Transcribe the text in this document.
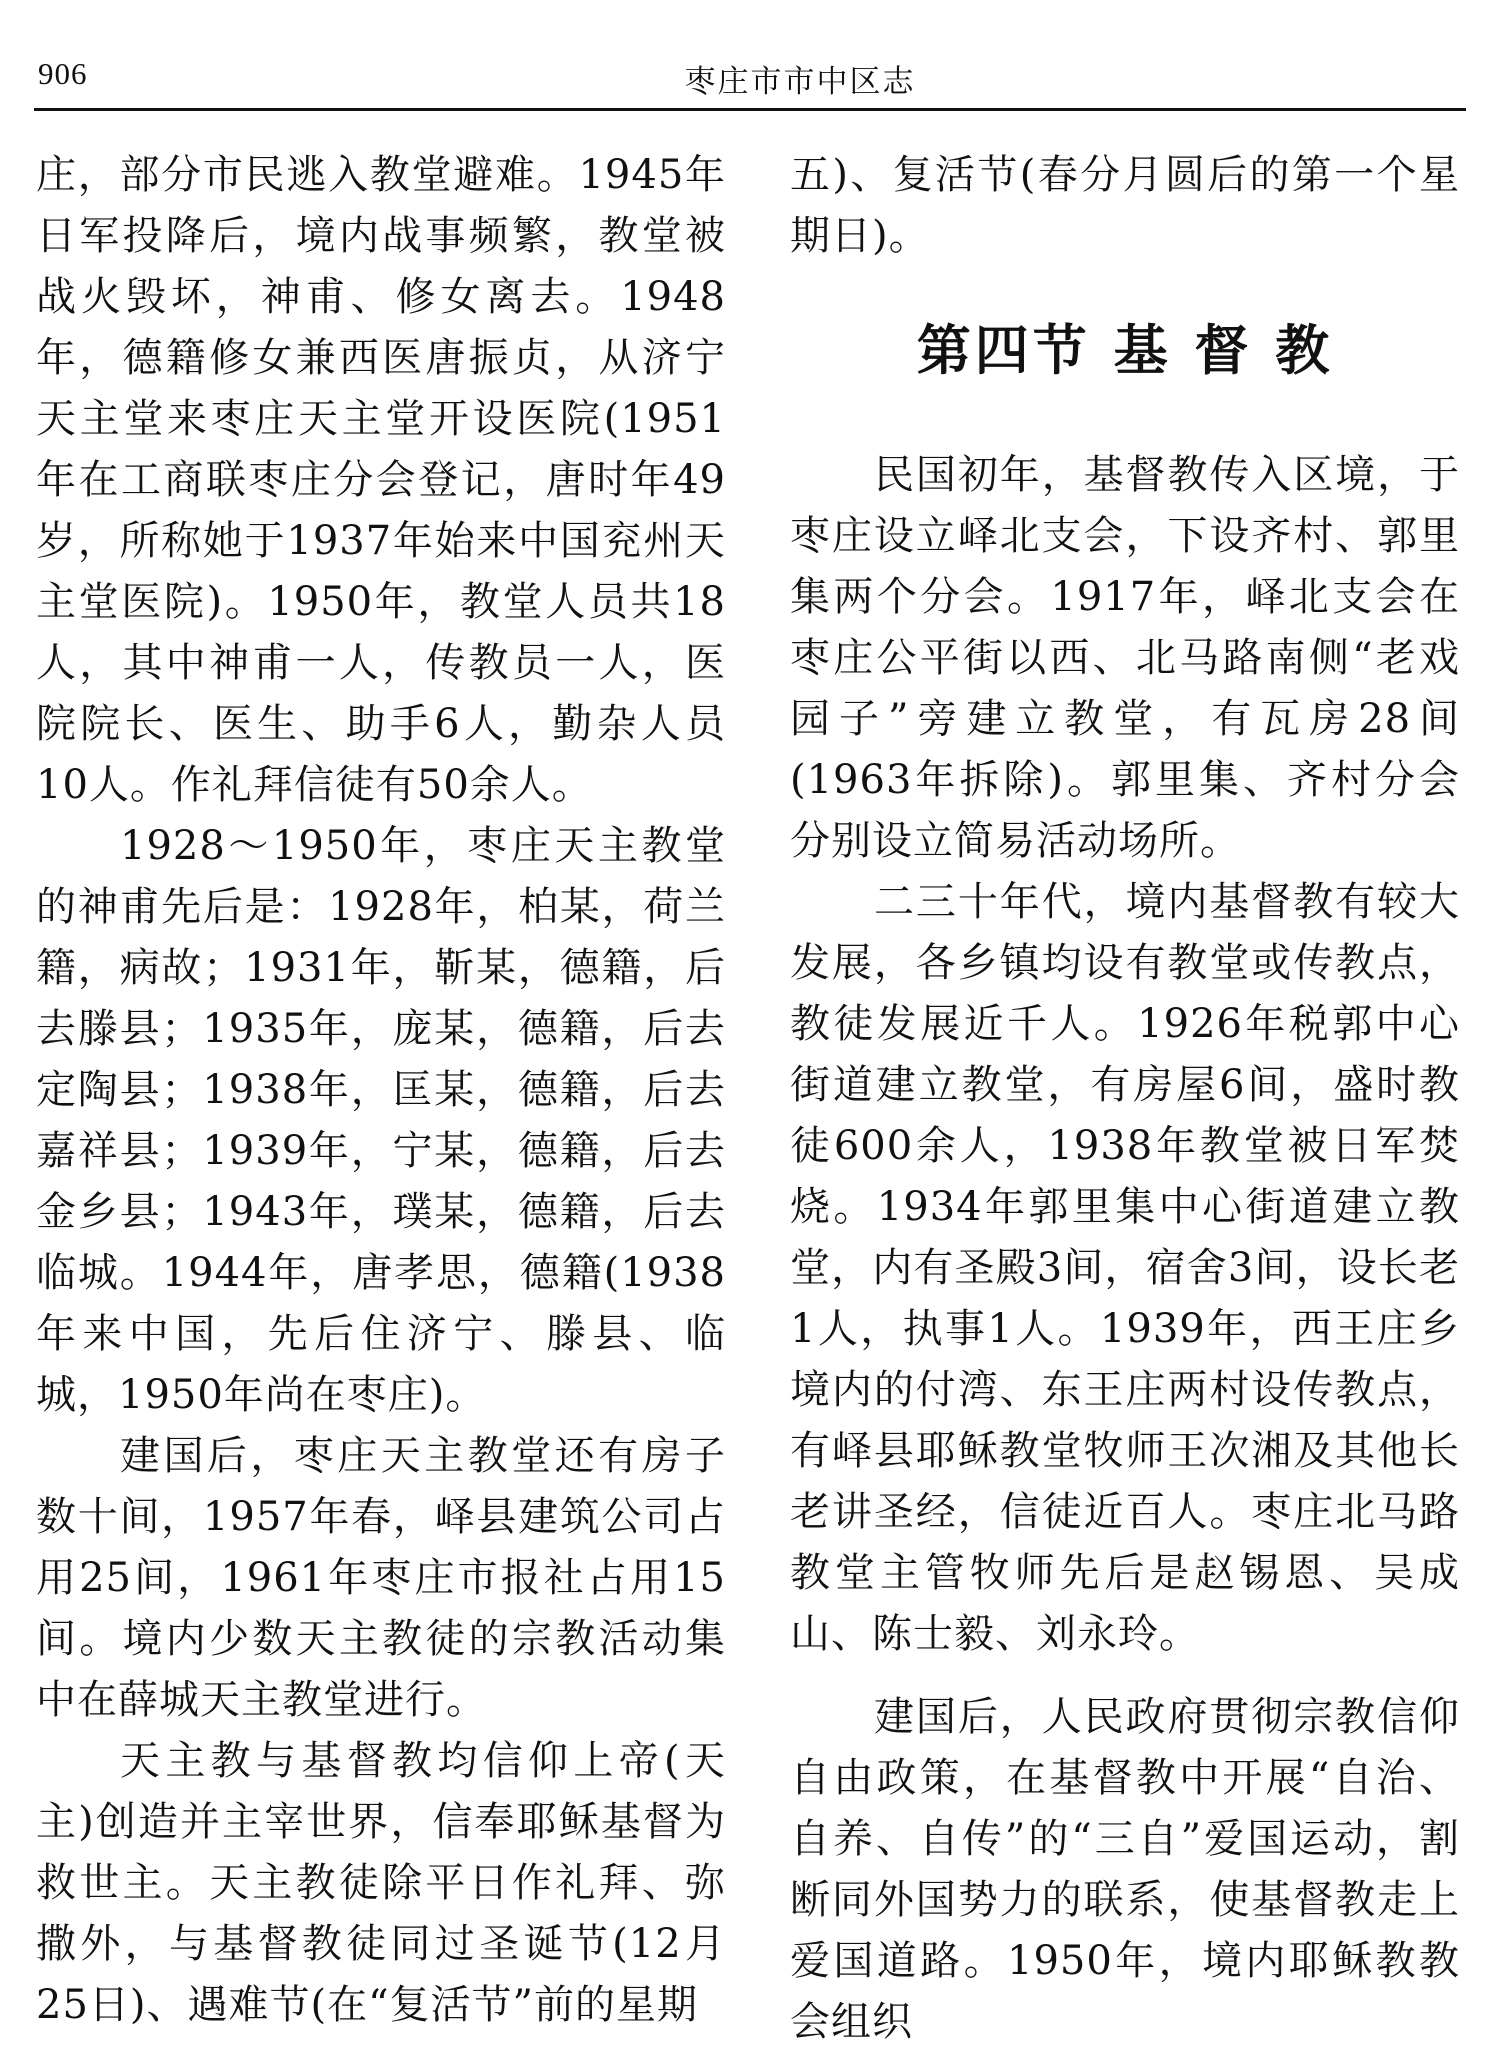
906	枣庄市市中区志

庄，部分市民逃入教堂避难。1945年日军投降后，境内战事频繁，教堂被战火毁坏，神甫、修女离去。1948年，德籍修女兼西医唐振贞，从济宁天主堂来枣庄天主堂开设医院(1951年在工商联枣庄分会登记，唐时年49岁，所称她于1937年始来中国兖州天主堂医院)。1950年，教堂人员共18人，其中神甫一人，传教员一人，医院院长、医生、助手6人，勤杂人员10人。作礼拜信徒有50余人。

1928～1950年，枣庄天主教堂的神甫先后是：1928年，柏某，荷兰籍，病故；1931年，靳某，德籍，后去滕县；1935年，庞某，德籍，后去定陶县；1938年，匡某，德籍，后去嘉祥县；1939年，宁某，德籍，后去金乡县；1943年，璞某，德籍，后去临城。1944年，唐孝思，德籍(1938年来中国，先后住济宁、滕县、临城，1950年尚在枣庄)。

建国后，枣庄天主教堂还有房子数十间，1957年春，峄县建筑公司占用25间，1961年枣庄市报社占用15间。境内少数天主教徒的宗教活动集中在薛城天主教堂进行。

天主教与基督教均信仰上帝(天主)创造并主宰世界，信奉耶稣基督为救世主。天主教徒除平日作礼拜、弥撒外，与基督教徒同过圣诞节(12月25日)、遇难节(在“复活节”前的星期

五)、复活节(春分月圆后的第一个星期日)。

第四节 基 督 教

民国初年，基督教传入区境，于枣庄设立峄北支会，下设齐村、郭里集两个分会。1917年，峄北支会在枣庄公平街以西、北马路南侧“老戏园子”旁建立教堂，有瓦房28间(1963年拆除)。郭里集、齐村分会分别设立简易活动场所。

二三十年代，境内基督教有较大发展，各乡镇均设有教堂或传教点，教徒发展近千人。1926年税郭中心街道建立教堂，有房屋6间，盛时教徒600余人，1938年教堂被日军焚烧。1934年郭里集中心街道建立教堂，内有圣殿3间，宿舍3间，设长老1人，执事1人。1939年，西王庄乡境内的付湾、东王庄两村设传教点，有峄县耶稣教堂牧师王次湘及其他长老讲圣经，信徒近百人。枣庄北马路教堂主管牧师先后是赵锡恩、吴成山、陈士毅、刘永玲。

建国后，人民政府贯彻宗教信仰自由政策，在基督教中开展“自治、自养、自传”的“三自”爱国运动，割断同外国势力的联系，使基督教走上爱国道路。1950年，境内耶稣教教会组织
